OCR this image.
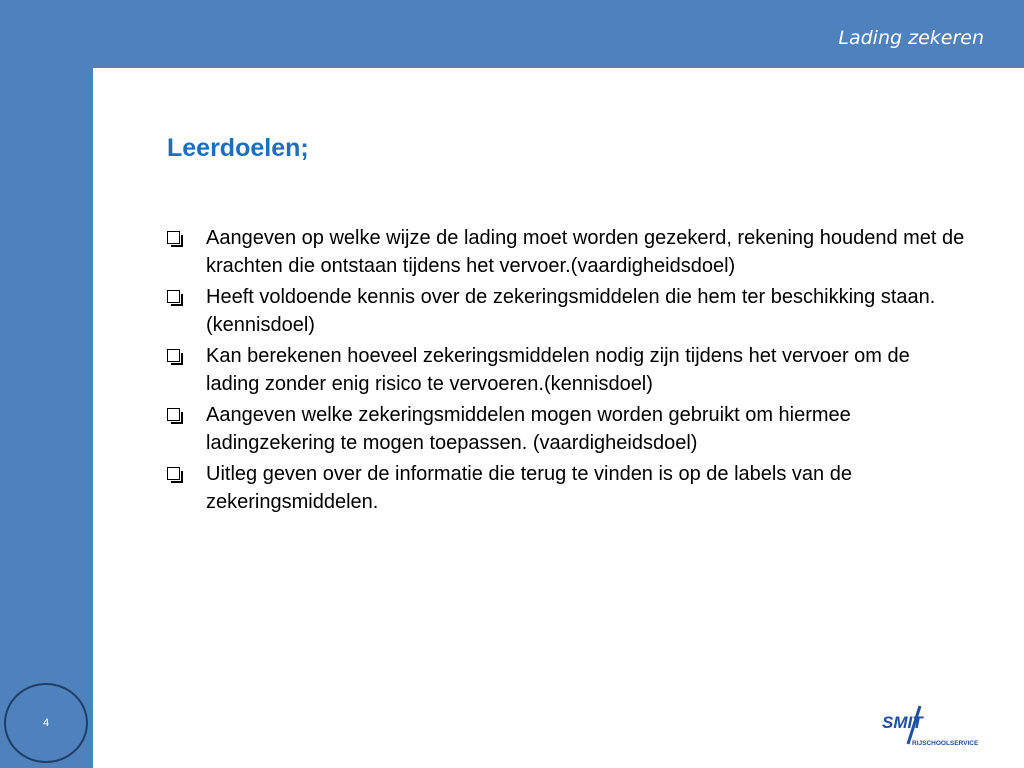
Lading zekeren
Leerdoelen;
Aangeven op welke wijze de lading moet worden gezekerd, rekening houdend met de krachten die ontstaan tijdens het vervoer.(vaardigheidsdoel)
Heeft voldoende kennis over de zekeringsmiddelen die hem ter beschikking staan. (kennisdoel)
Kan berekenen hoeveel zekeringsmiddelen nodig zijn tijdens het vervoer om de lading zonder enig risico te vervoeren.(kennisdoel)
Aangeven welke zekeringsmiddelen mogen worden gebruikt om hiermee ladingzekering te mogen toepassen. (vaardigheidsdoel)
Uitleg geven over de informatie die terug te vinden is op de labels van de zekeringsmiddelen.
4	SMIT
RIJSCHOOLSERVICE
